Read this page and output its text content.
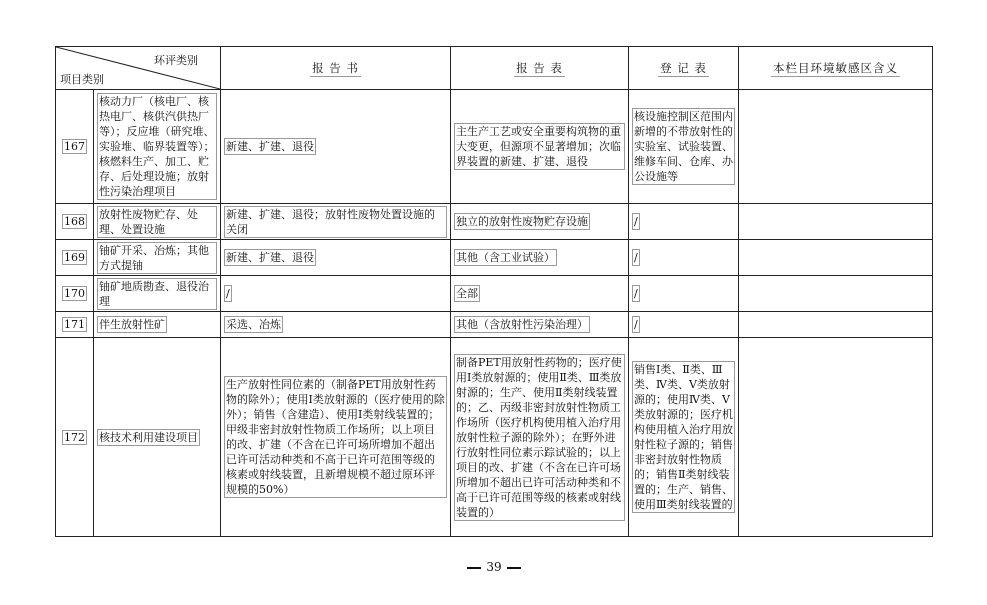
环评类别
项目类别		报 告 书	报 告 表	登 记 表	本栏目环境敏感区含义
167	核动力厂（核电厂、核热电厂、核供汽供热厂等）；反应堆（研究堆、实验堆、临界装置等）；核燃料生产、加工、贮存、后处理设施；放射性污染治理项目	新建、扩建、退役	主生产工艺或安全重要构筑物的重大变更，但源项不显著增加；次临界装置的新建、扩建、退役	核设施控制区范围内新增的不带放射性的实验室、试验装置、维修车间、仓库、办公设施等	
168	放射性废物贮存、处理、处置设施	新建、扩建、退役；放射性废物处置设施的关闭	独立的放射性废物贮存设施	/	
169	铀矿开采、冶炼；其他方式提铀	新建、扩建、退役	其他（含工业试验）	/	
170	铀矿地质勘查、退役治理	/	全部	/	
171	伴生放射性矿	采选、冶炼	其他（含放射性污染治理）	/	
172	核技术利用建设项目	生产放射性同位素的（制备PET用放射性药物的除外）；使用Ⅰ类放射源的（医疗使用的除外）；销售（含建造）、使用Ⅰ类射线装置的；甲级非密封放射性物质工作场所；以上项目的改、扩建（不含在已许可场所增加不超出已许可活动种类和不高于已许可范围等级的核素或射线装置，且新增规模不超过原环评规模的50%）	制备PET用放射性药物的；医疗使用Ⅰ类放射源的；使用Ⅱ类、Ⅲ类放射源的；生产、使用Ⅱ类射线装置的；乙、丙级非密封放射性物质工作场所（医疗机构使用植入治疗用放射性粒子源的除外）；在野外进行放射性同位素示踪试验的；以上项目的改、扩建（不含在已许可场所增加不超出已许可活动种类和不高于已许可范围等级的核素或射线装置的）	销售Ⅰ类、Ⅱ类、Ⅲ类、Ⅳ类、Ⅴ类放射源的；使用Ⅳ类、Ⅴ类放射源的；医疗机构使用植入治疗用放射性粒子源的；销售非密封放射性物质的；销售Ⅱ类射线装置的；生产、销售、使用Ⅲ类射线装置的	
39
